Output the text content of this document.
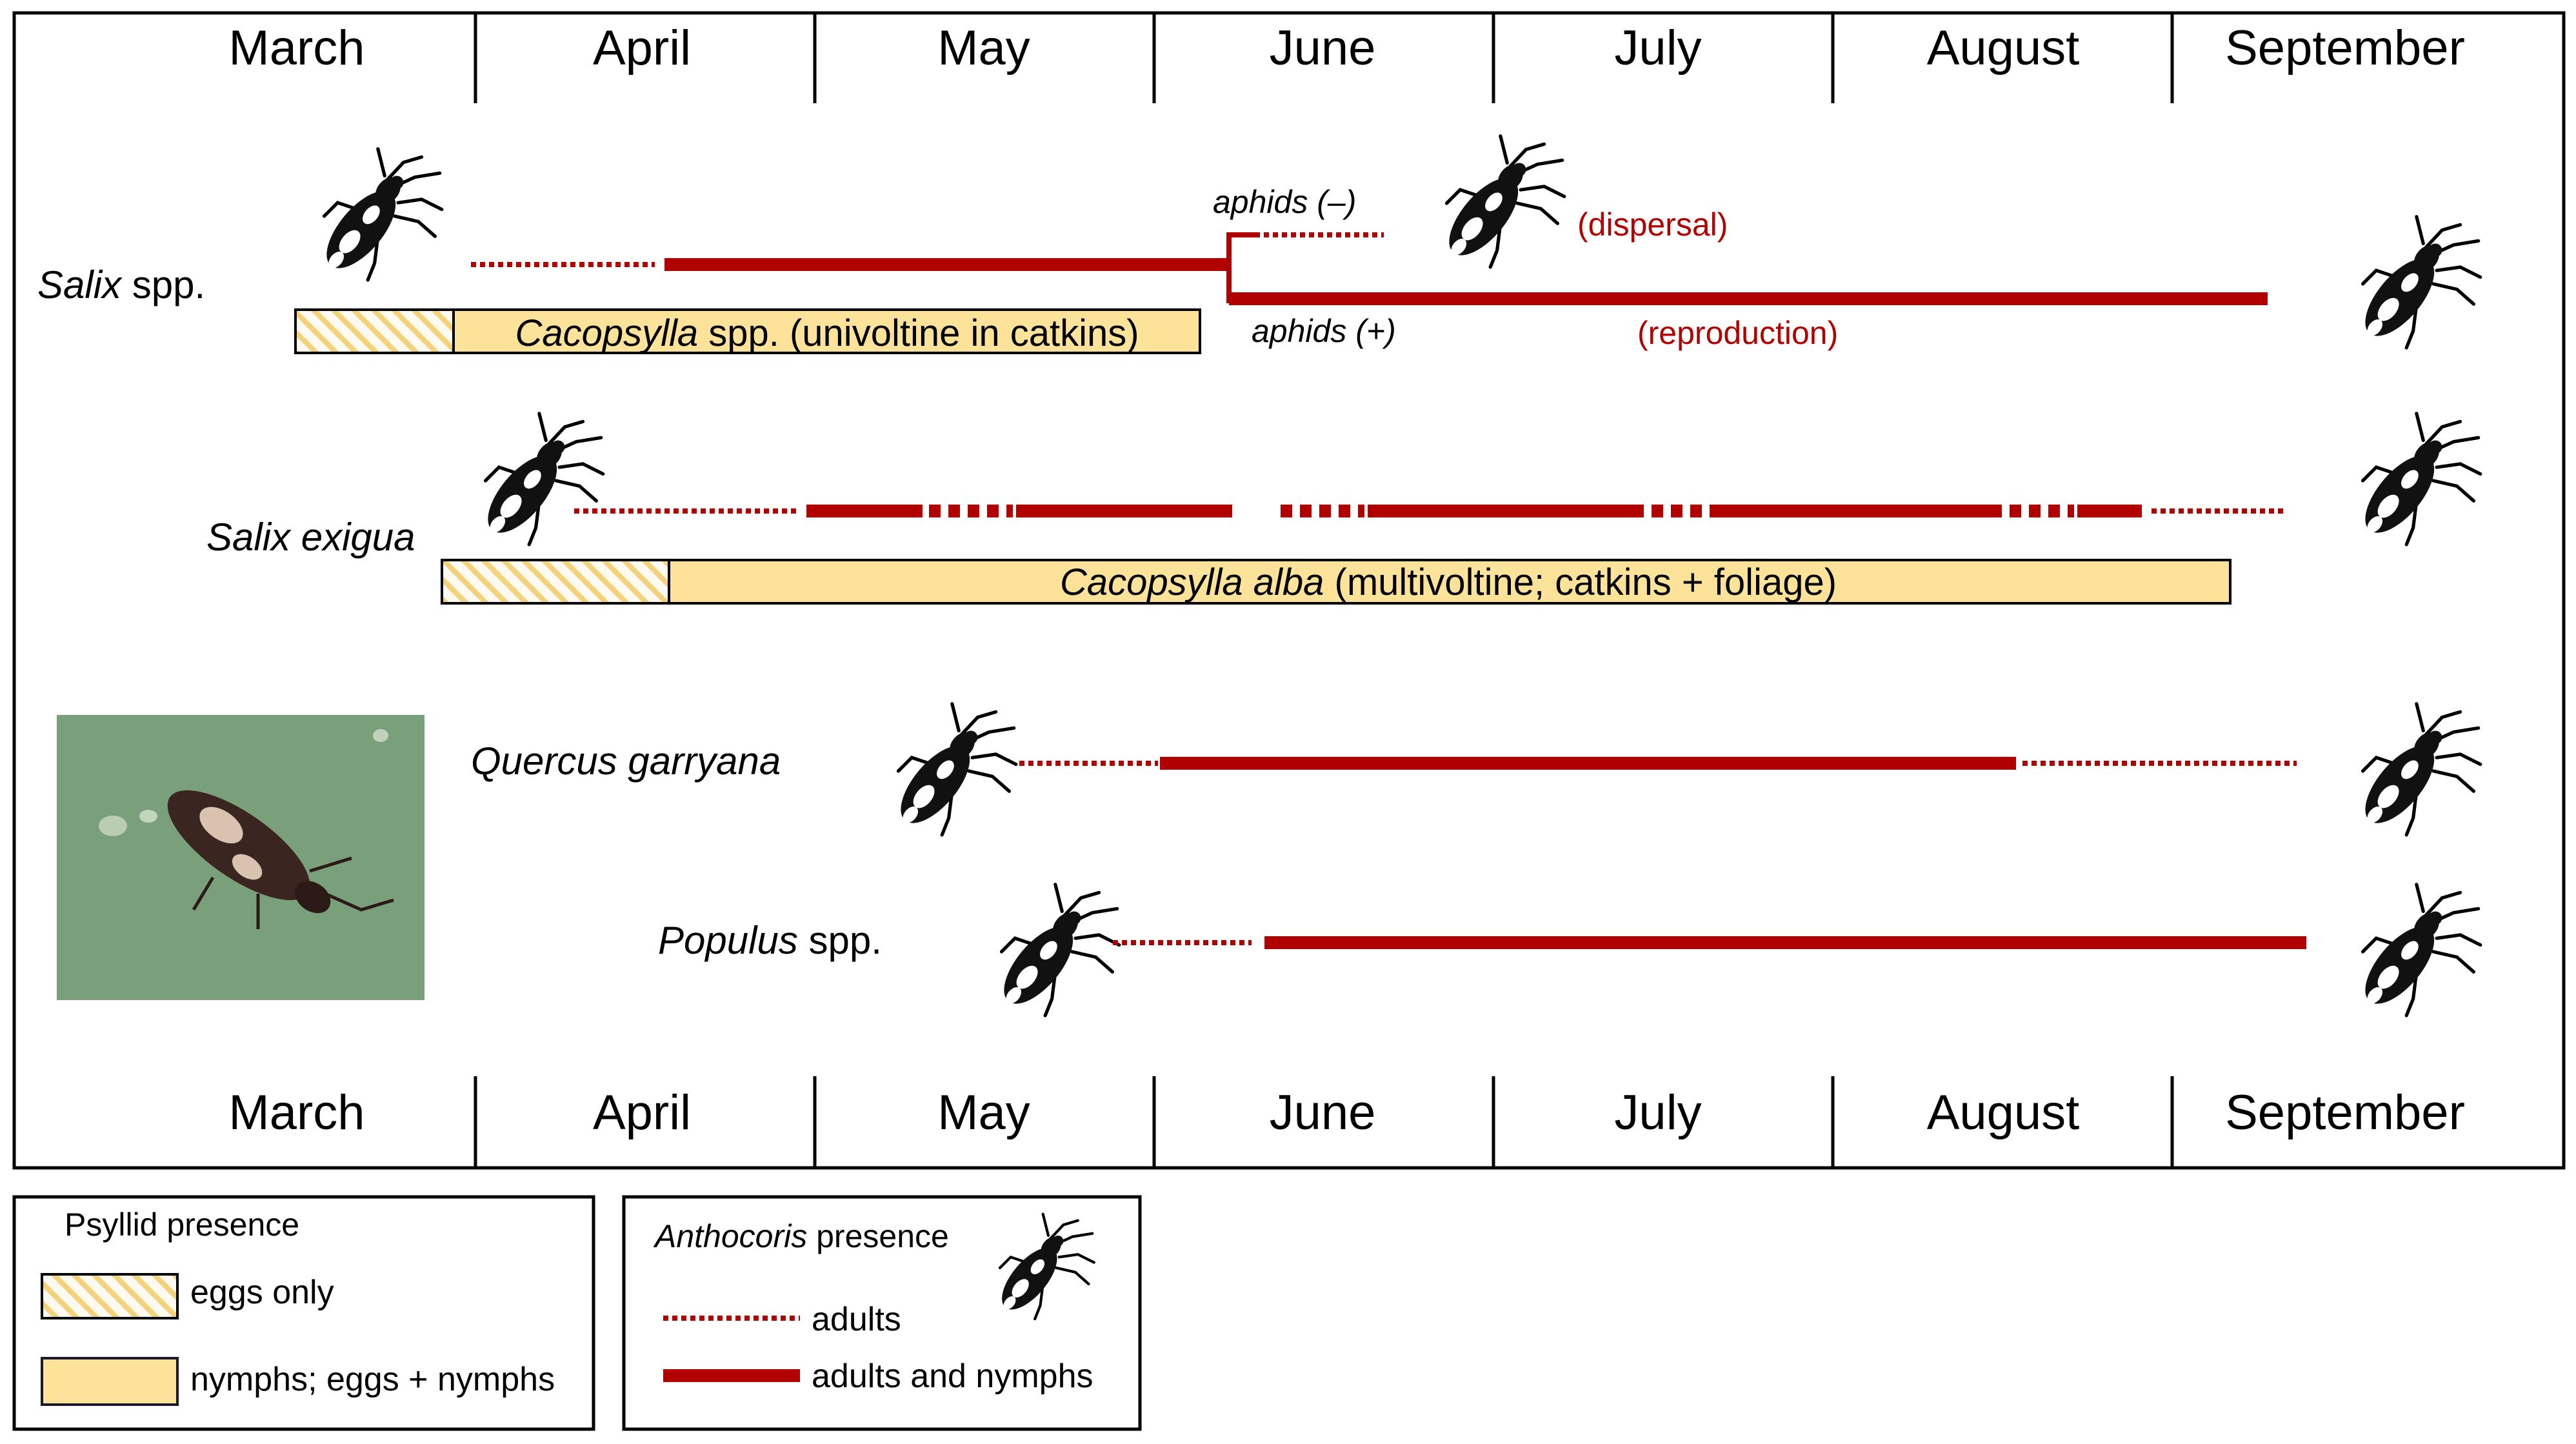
March	April	May	June	July	August	September
March	April	May	June	July	August	September
Salix spp.
aphids (–)
aphids (+)
(dispersal)
(reproduction)
Cacopsylla spp. (univoltine in catkins)
Salix exigua
Cacopsylla alba (multivoltine; catkins + foliage)
Quercus garryana
Populus spp.
Psyllid presence
eggs only
nymphs; eggs + nymphs
Anthocoris presence
adults
adults and nymphs
